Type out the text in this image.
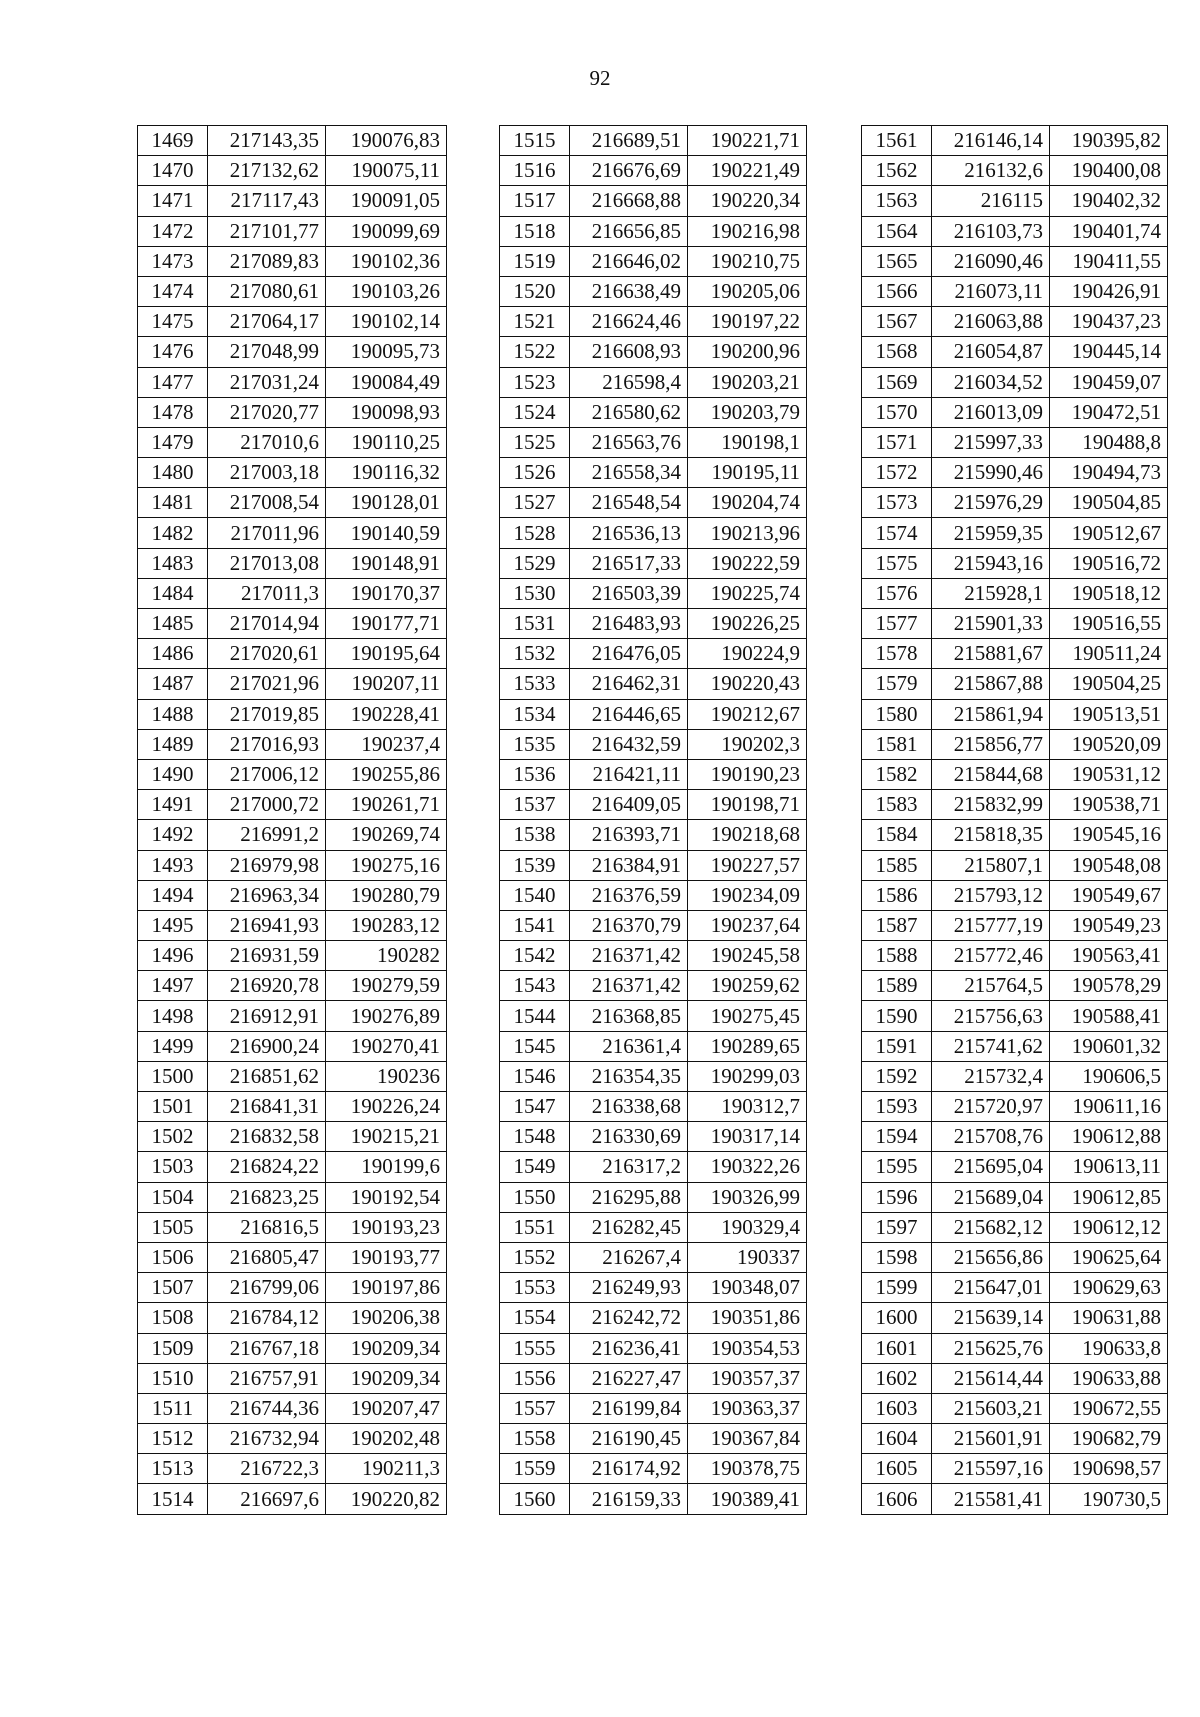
92
1469	217143,35	190076,83
1470	217132,62	190075,11
1471	217117,43	190091,05
1472	217101,77	190099,69
1473	217089,83	190102,36
1474	217080,61	190103,26
1475	217064,17	190102,14
1476	217048,99	190095,73
1477	217031,24	190084,49
1478	217020,77	190098,93
1479	217010,6	190110,25
1480	217003,18	190116,32
1481	217008,54	190128,01
1482	217011,96	190140,59
1483	217013,08	190148,91
1484	217011,3	190170,37
1485	217014,94	190177,71
1486	217020,61	190195,64
1487	217021,96	190207,11
1488	217019,85	190228,41
1489	217016,93	190237,4
1490	217006,12	190255,86
1491	217000,72	190261,71
1492	216991,2	190269,74
1493	216979,98	190275,16
1494	216963,34	190280,79
1495	216941,93	190283,12
1496	216931,59	190282
1497	216920,78	190279,59
1498	216912,91	190276,89
1499	216900,24	190270,41
1500	216851,62	190236
1501	216841,31	190226,24
1502	216832,58	190215,21
1503	216824,22	190199,6
1504	216823,25	190192,54
1505	216816,5	190193,23
1506	216805,47	190193,77
1507	216799,06	190197,86
1508	216784,12	190206,38
1509	216767,18	190209,34
1510	216757,91	190209,34
1511	216744,36	190207,47
1512	216732,94	190202,48
1513	216722,3	190211,3
1514	216697,6	190220,82
1515	216689,51	190221,71
1516	216676,69	190221,49
1517	216668,88	190220,34
1518	216656,85	190216,98
1519	216646,02	190210,75
1520	216638,49	190205,06
1521	216624,46	190197,22
1522	216608,93	190200,96
1523	216598,4	190203,21
1524	216580,62	190203,79
1525	216563,76	190198,1
1526	216558,34	190195,11
1527	216548,54	190204,74
1528	216536,13	190213,96
1529	216517,33	190222,59
1530	216503,39	190225,74
1531	216483,93	190226,25
1532	216476,05	190224,9
1533	216462,31	190220,43
1534	216446,65	190212,67
1535	216432,59	190202,3
1536	216421,11	190190,23
1537	216409,05	190198,71
1538	216393,71	190218,68
1539	216384,91	190227,57
1540	216376,59	190234,09
1541	216370,79	190237,64
1542	216371,42	190245,58
1543	216371,42	190259,62
1544	216368,85	190275,45
1545	216361,4	190289,65
1546	216354,35	190299,03
1547	216338,68	190312,7
1548	216330,69	190317,14
1549	216317,2	190322,26
1550	216295,88	190326,99
1551	216282,45	190329,4
1552	216267,4	190337
1553	216249,93	190348,07
1554	216242,72	190351,86
1555	216236,41	190354,53
1556	216227,47	190357,37
1557	216199,84	190363,37
1558	216190,45	190367,84
1559	216174,92	190378,75
1560	216159,33	190389,41
1561	216146,14	190395,82
1562	216132,6	190400,08
1563	216115	190402,32
1564	216103,73	190401,74
1565	216090,46	190411,55
1566	216073,11	190426,91
1567	216063,88	190437,23
1568	216054,87	190445,14
1569	216034,52	190459,07
1570	216013,09	190472,51
1571	215997,33	190488,8
1572	215990,46	190494,73
1573	215976,29	190504,85
1574	215959,35	190512,67
1575	215943,16	190516,72
1576	215928,1	190518,12
1577	215901,33	190516,55
1578	215881,67	190511,24
1579	215867,88	190504,25
1580	215861,94	190513,51
1581	215856,77	190520,09
1582	215844,68	190531,12
1583	215832,99	190538,71
1584	215818,35	190545,16
1585	215807,1	190548,08
1586	215793,12	190549,67
1587	215777,19	190549,23
1588	215772,46	190563,41
1589	215764,5	190578,29
1590	215756,63	190588,41
1591	215741,62	190601,32
1592	215732,4	190606,5
1593	215720,97	190611,16
1594	215708,76	190612,88
1595	215695,04	190613,11
1596	215689,04	190612,85
1597	215682,12	190612,12
1598	215656,86	190625,64
1599	215647,01	190629,63
1600	215639,14	190631,88
1601	215625,76	190633,8
1602	215614,44	190633,88
1603	215603,21	190672,55
1604	215601,91	190682,79
1605	215597,16	190698,57
1606	215581,41	190730,5
